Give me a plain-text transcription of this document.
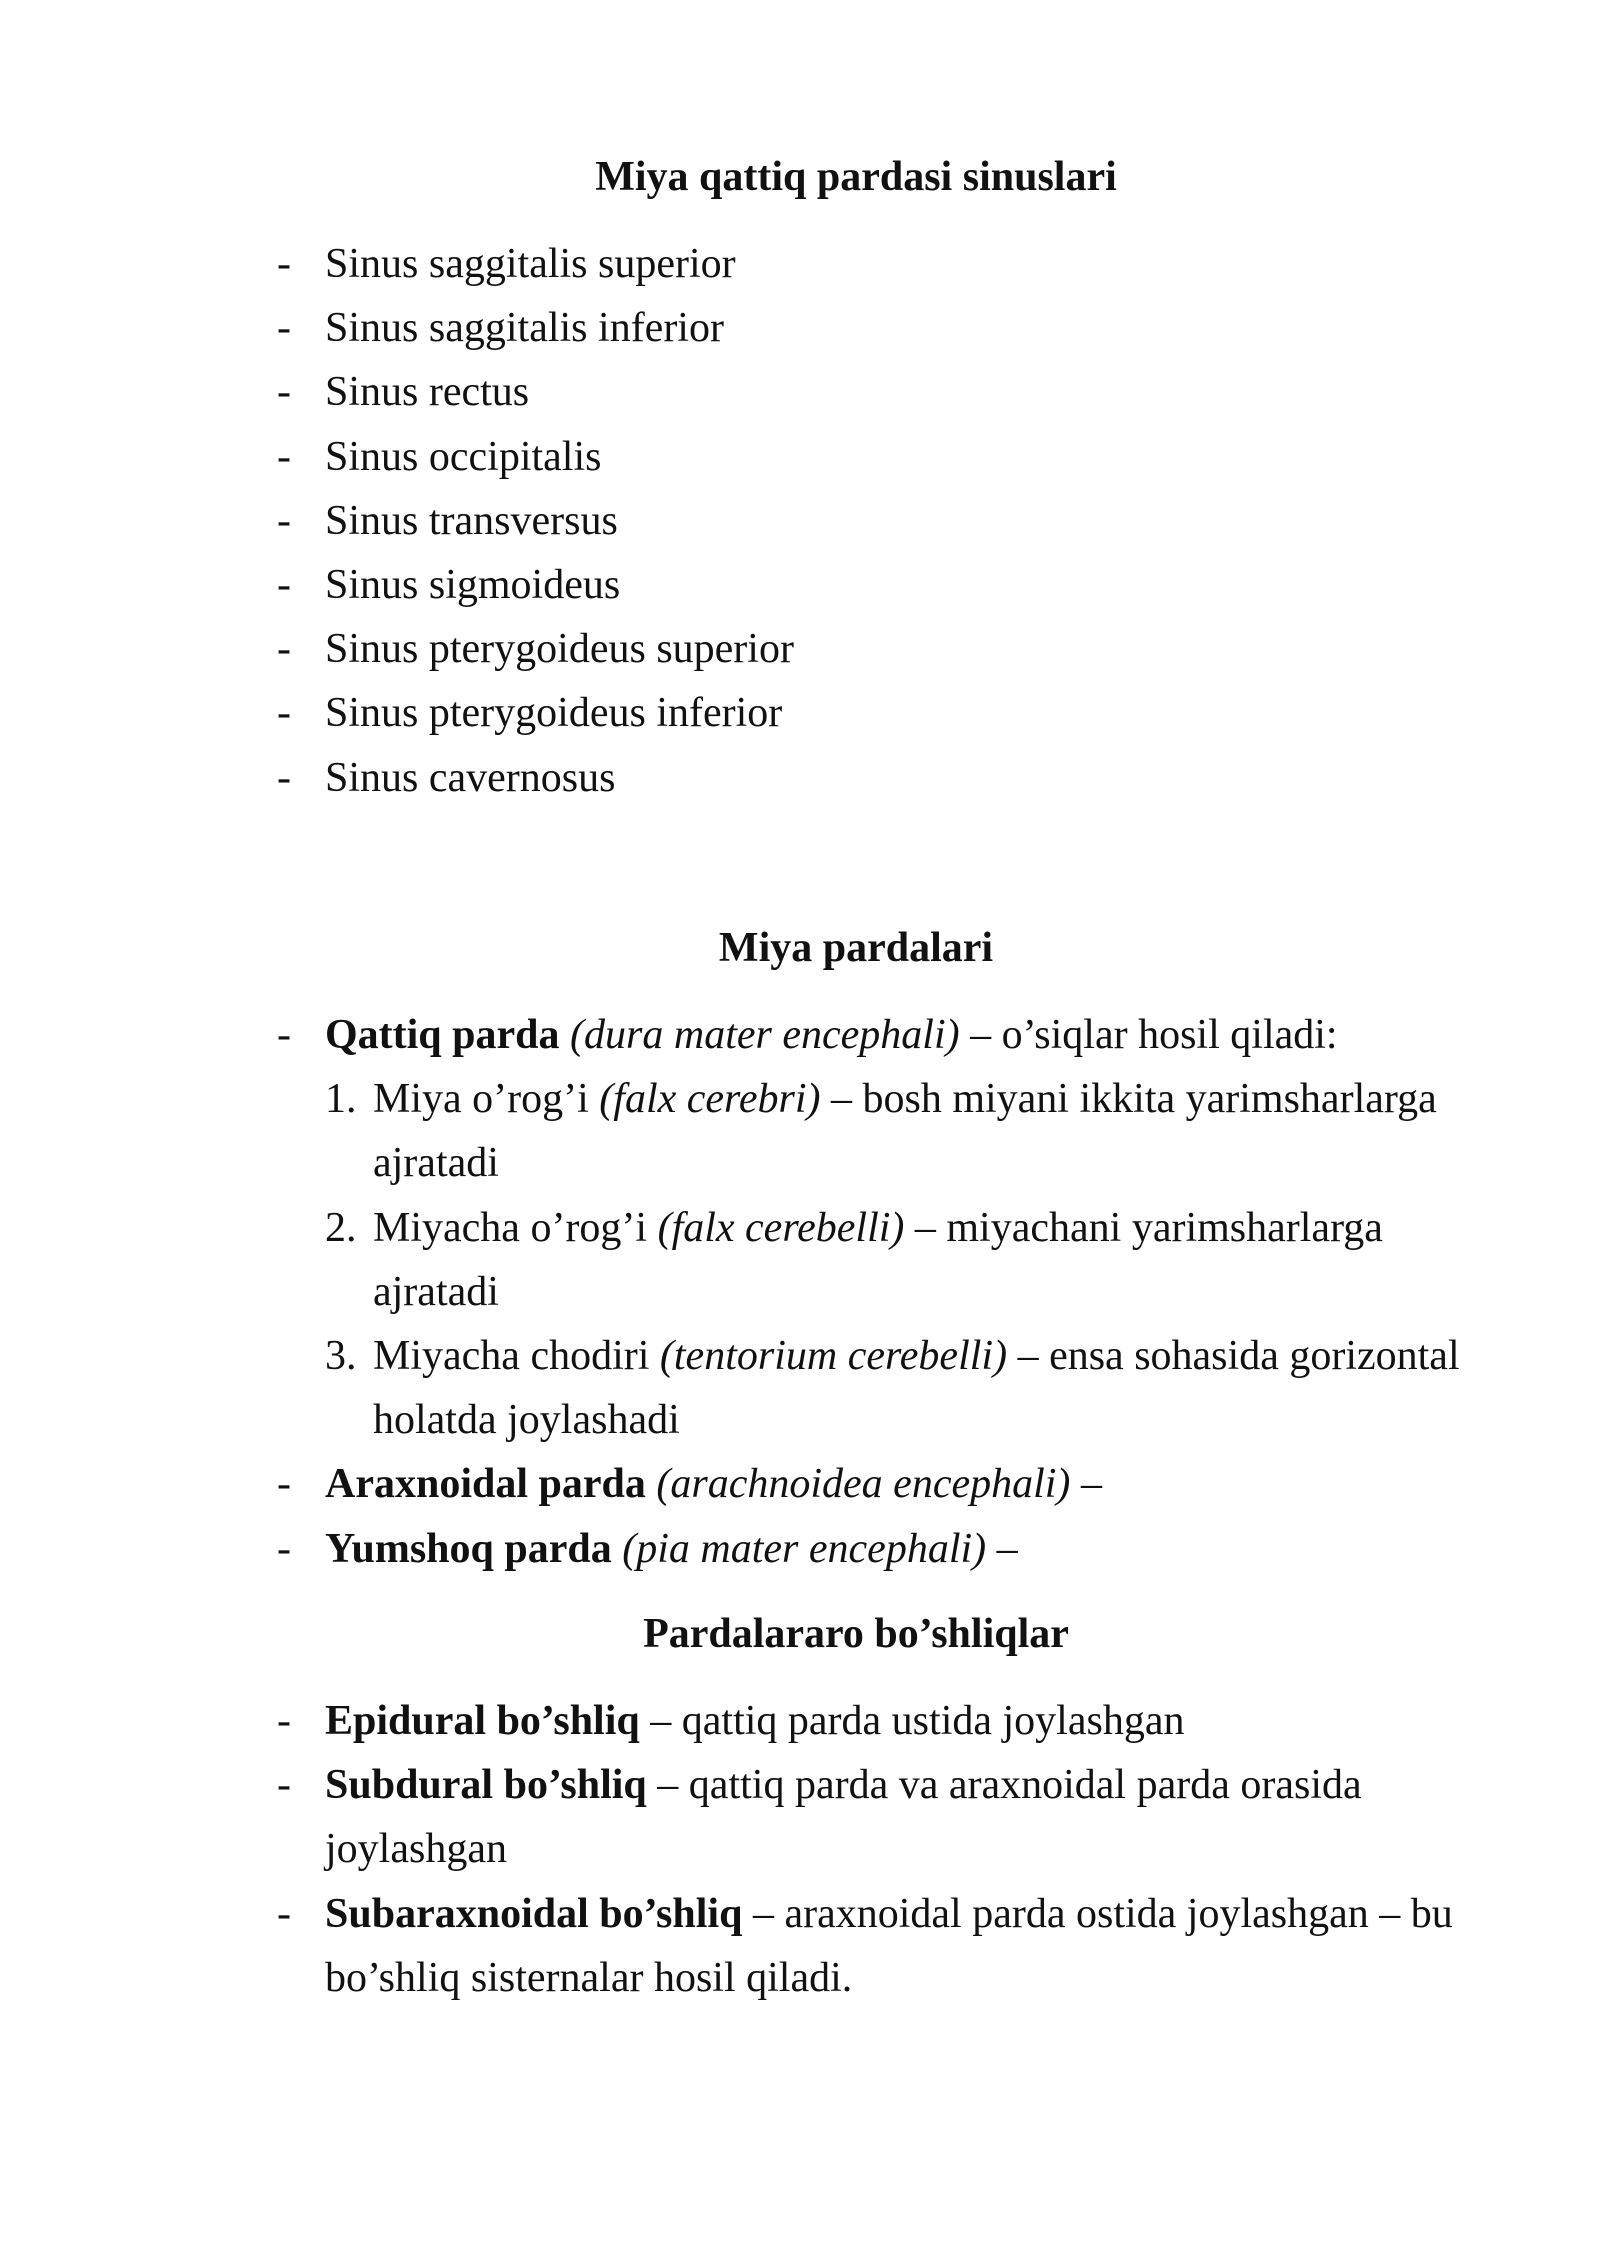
Miya qattiq pardasi sinuslari
- Sinus saggitalis superior
- Sinus saggitalis inferior
- Sinus rectus
- Sinus occipitalis
- Sinus transversus
- Sinus sigmoideus
- Sinus pterygoideus superior
- Sinus pterygoideus inferior
- Sinus cavernosus
Miya pardalari
- Qattiq parda (dura mater encephali) – o’siqlar hosil qiladi:
1. Miya o’rog’i (falx cerebri) – bosh miyani ikkita yarimsharlarga ajratadi
2. Miyacha o’rog’i (falx cerebelli) – miyachani yarimsharlarga ajratadi
3. Miyacha chodiri (tentorium cerebelli) – ensa sohasida gorizontal holatda joylashadi
- Araxnoidal parda (arachnoidea encephali) –
- Yumshoq parda (pia mater encephali) –
Pardalararo bo’shliqlar
- Epidural bo’shliq – qattiq parda ustida joylashgan
- Subdural bo’shliq – qattiq parda va araxnoidal parda orasida joylashgan
- Subaraxnoidal bo’shliq – araxnoidal parda ostida joylashgan – bu bo’shliq sisternalar hosil qiladi.
